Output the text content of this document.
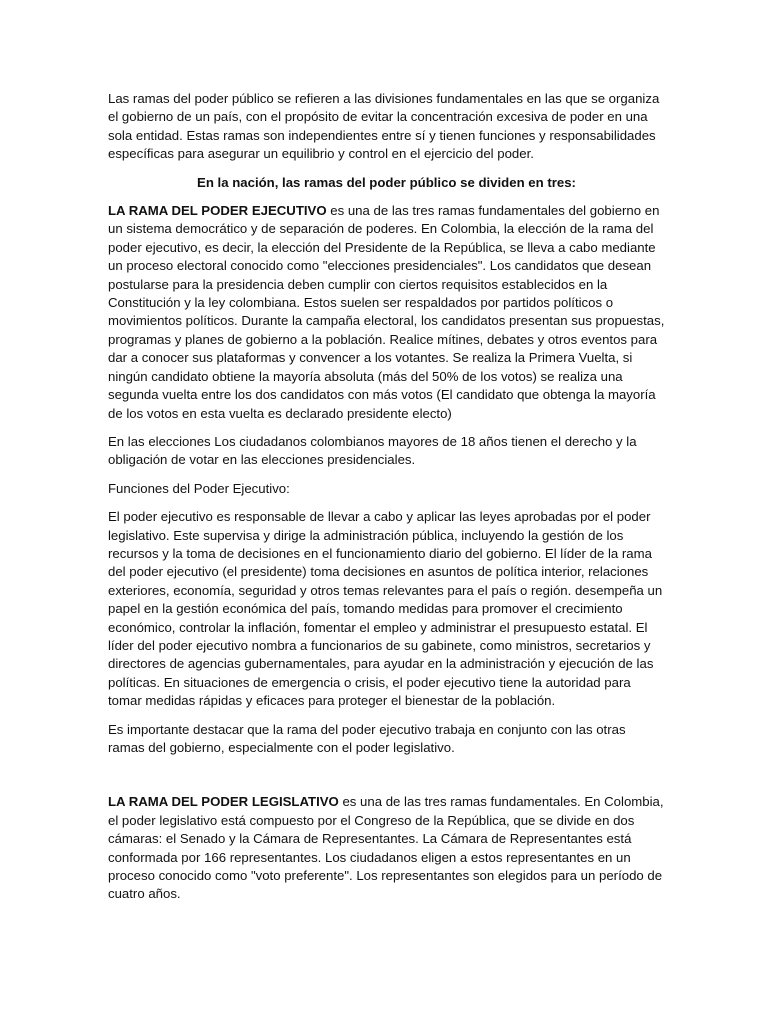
Las ramas del poder público se refieren a las divisiones fundamentales en las que se organiza el gobierno de un país, con el propósito de evitar la concentración excesiva de poder en una sola entidad. Estas ramas son independientes entre sí y tienen funciones y responsabilidades específicas para asegurar un equilibrio y control en el ejercicio del poder.

En la nación, las ramas del poder público se dividen en tres:

LA RAMA DEL PODER EJECUTIVO es una de las tres ramas fundamentales del gobierno en un sistema democrático y de separación de poderes. En Colombia, la elección de la rama del poder ejecutivo, es decir, la elección del Presidente de la República, se lleva a cabo mediante un proceso electoral conocido como "elecciones presidenciales". Los candidatos que desean postularse para la presidencia deben cumplir con ciertos requisitos establecidos en la Constitución y la ley colombiana. Estos suelen ser respaldados por partidos políticos o movimientos políticos. Durante la campaña electoral, los candidatos presentan sus propuestas, programas y planes de gobierno a la población. Realice mítines, debates y otros eventos para dar a conocer sus plataformas y convencer a los votantes. Se realiza la Primera Vuelta, si ningún candidato obtiene la mayoría absoluta (más del 50% de los votos) se realiza una segunda vuelta entre los dos candidatos con más votos (El candidato que obtenga la mayoría de los votos en esta vuelta es declarado presidente electo)

En las elecciones Los ciudadanos colombianos mayores de 18 años tienen el derecho y la obligación de votar en las elecciones presidenciales.

Funciones del Poder Ejecutivo:

El poder ejecutivo es responsable de llevar a cabo y aplicar las leyes aprobadas por el poder legislativo. Este supervisa y dirige la administración pública, incluyendo la gestión de los recursos y la toma de decisiones en el funcionamiento diario del gobierno. El líder de la rama del poder ejecutivo (el presidente) toma decisiones en asuntos de política interior, relaciones exteriores, economía, seguridad y otros temas relevantes para el país o región. desempeña un papel en la gestión económica del país, tomando medidas para promover el crecimiento económico, controlar la inflación, fomentar el empleo y administrar el presupuesto estatal. El líder del poder ejecutivo nombra a funcionarios de su gabinete, como ministros, secretarios y directores de agencias gubernamentales, para ayudar en la administración y ejecución de las políticas. En situaciones de emergencia o crisis, el poder ejecutivo tiene la autoridad para tomar medidas rápidas y eficaces para proteger el bienestar de la población.

Es importante destacar que la rama del poder ejecutivo trabaja en conjunto con las otras ramas del gobierno, especialmente con el poder legislativo.

LA RAMA DEL PODER LEGISLATIVO es una de las tres ramas fundamentales. En Colombia, el poder legislativo está compuesto por el Congreso de la República, que se divide en dos cámaras: el Senado y la Cámara de Representantes. La Cámara de Representantes está conformada por 166 representantes. Los ciudadanos eligen a estos representantes en un proceso conocido como "voto preferente". Los representantes son elegidos para un período de cuatro años.
